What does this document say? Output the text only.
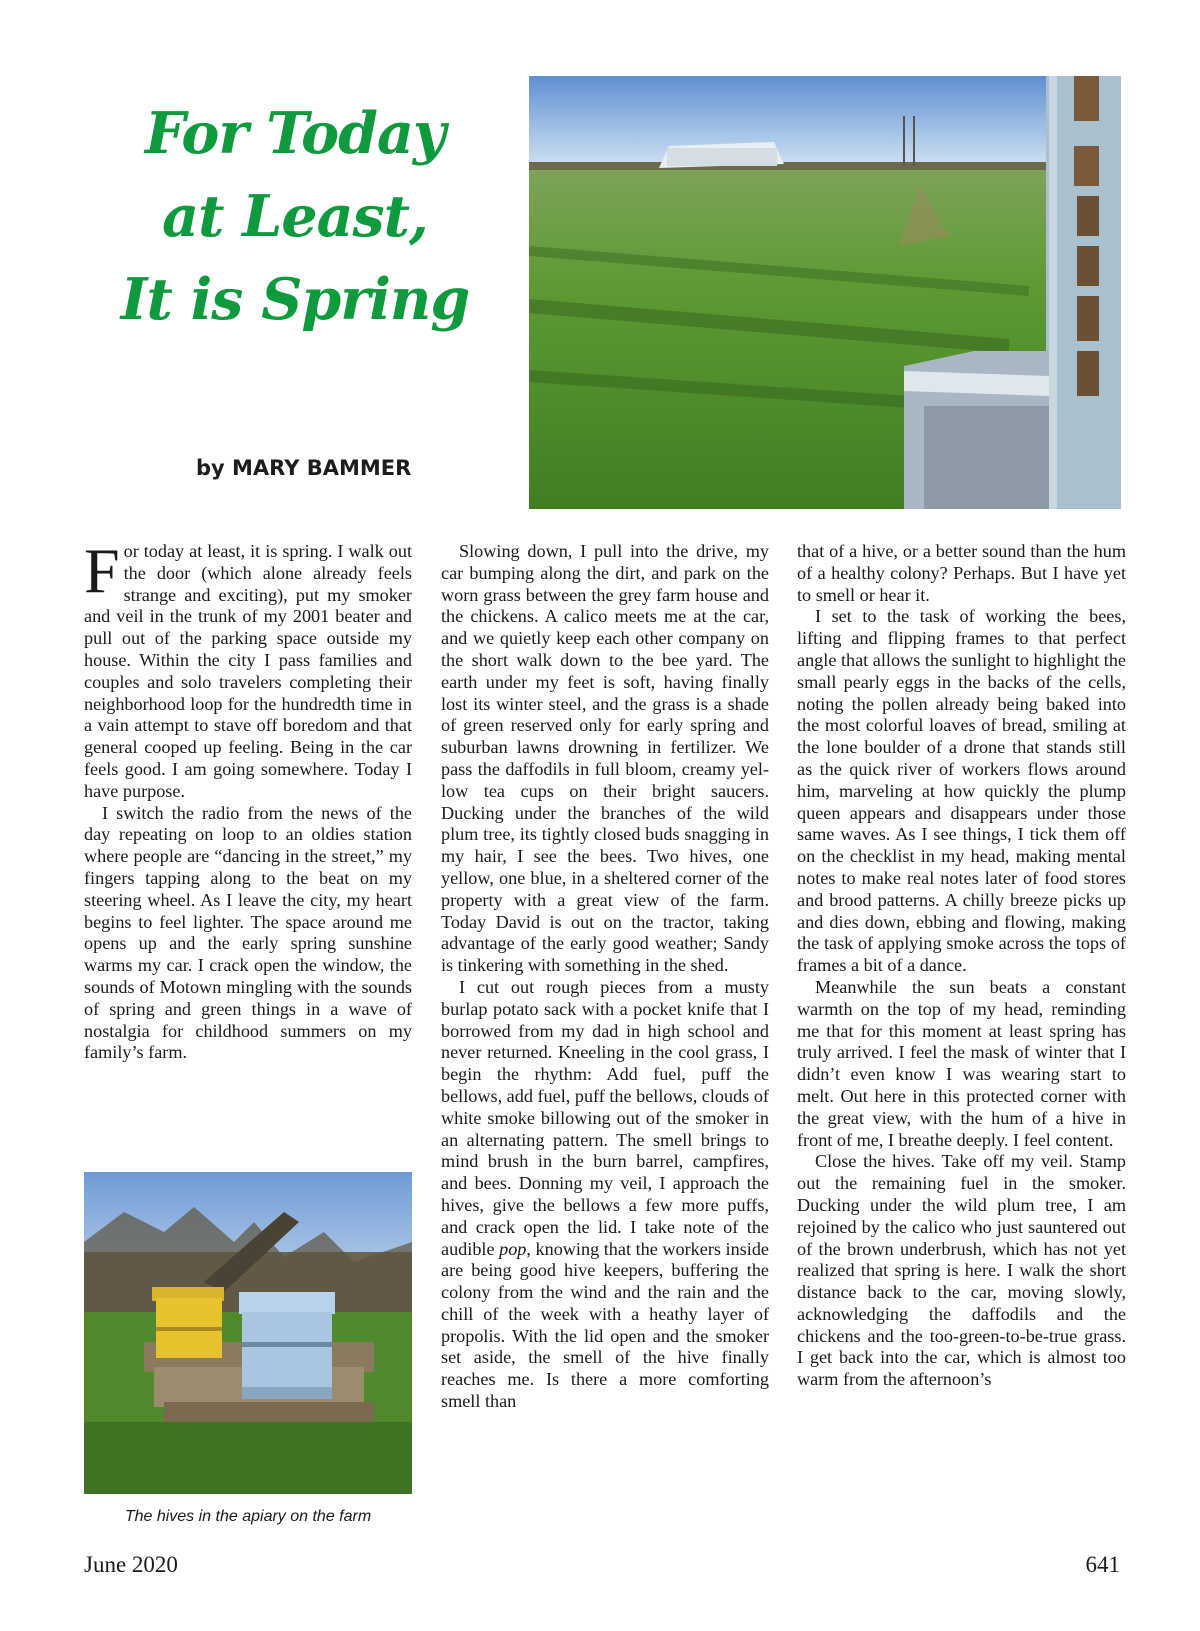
For Today
at Least,
It is Spring
by MARY BAMMER

For today at least, it is spring. I walk out the door (which alone already feels strange and exciting), put my smoker and veil in the trunk of my 2001 beater and pull out of the parking space outside my house. Within the city I pass families and couples and solo travelers completing their neighborhood loop for the hundredth time in a vain attempt to stave off boredom and that general cooped up feeling. Being in the car feels good. I am going somewhere. Today I have purpose.

I switch the radio from the news of the day repeating on loop to an oldies station where people are “dancing in the street,” my fingers tapping along to the beat on my steering wheel. As I leave the city, my heart begins to feel lighter. The space around me opens up and the early spring sunshine warms my car. I crack open the window, the sounds of Motown mingling with the sounds of spring and green things in a wave of nostalgia for childhood summers on my family’s farm.

The hives in the apiary on the farm

Slowing down, I pull into the drive, my car bumping along the dirt, and park on the worn grass between the grey farm house and the chickens. A calico meets me at the car, and we quietly keep each other company on the short walk down to the bee yard. The earth under my feet is soft, having finally lost its winter steel, and the grass is a shade of green reserved only for early spring and suburban lawns drowning in fertilizer. We pass the daffodils in full bloom, creamy yellow tea cups on their bright saucers. Ducking under the branches of the wild plum tree, its tightly closed buds snagging in my hair, I see the bees. Two hives, one yellow, one blue, in a sheltered corner of the property with a great view of the farm. Today David is out on the tractor, taking advantage of the early good weather; Sandy is tinkering with something in the shed.

I cut out rough pieces from a musty burlap potato sack with a pocket knife that I borrowed from my dad in high school and never returned. Kneeling in the cool grass, I begin the rhythm: Add fuel, puff the bellows, add fuel, puff the bellows, clouds of white smoke billowing out of the smoker in an alternating pattern. The smell brings to mind brush in the burn barrel, campfires, and bees. Donning my veil, I approach the hives, give the bellows a few more puffs, and crack open the lid. I take note of the audible pop, knowing that the workers inside are being good hive keepers, buffering the colony from the wind and the rain and the chill of the week with a heathy layer of propolis. With the lid open and the smoker set aside, the smell of the hive finally reaches me. Is there a more comforting smell than

that of a hive, or a better sound than the hum of a healthy colony? Perhaps. But I have yet to smell or hear it.

I set to the task of working the bees, lifting and flipping frames to that perfect angle that allows the sunlight to highlight the small pearly eggs in the backs of the cells, noting the pollen already being baked into the most colorful loaves of bread, smiling at the lone boulder of a drone that stands still as the quick river of workers flows around him, marveling at how quickly the plump queen appears and disappears under those same waves. As I see things, I tick them off on the checklist in my head, making mental notes to make real notes later of food stores and brood patterns. A chilly breeze picks up and dies down, ebbing and flowing, making the task of applying smoke across the tops of frames a bit of a dance.

Meanwhile the sun beats a constant warmth on the top of my head, reminding me that for this moment at least spring has truly arrived. I feel the mask of winter that I didn’t even know I was wearing start to melt. Out here in this protected corner with the great view, with the hum of a hive in front of me, I breathe deeply. I feel content.

Close the hives. Take off my veil. Stamp out the remaining fuel in the smoker. Ducking under the wild plum tree, I am rejoined by the calico who just sauntered out of the brown underbrush, which has not yet realized that spring is here. I walk the short distance back to the car, moving slowly, acknowledging the daffodils and the chickens and the too-green-to-be-true grass. I get back into the car, which is almost too warm from the afternoon’s

June 2020	641
